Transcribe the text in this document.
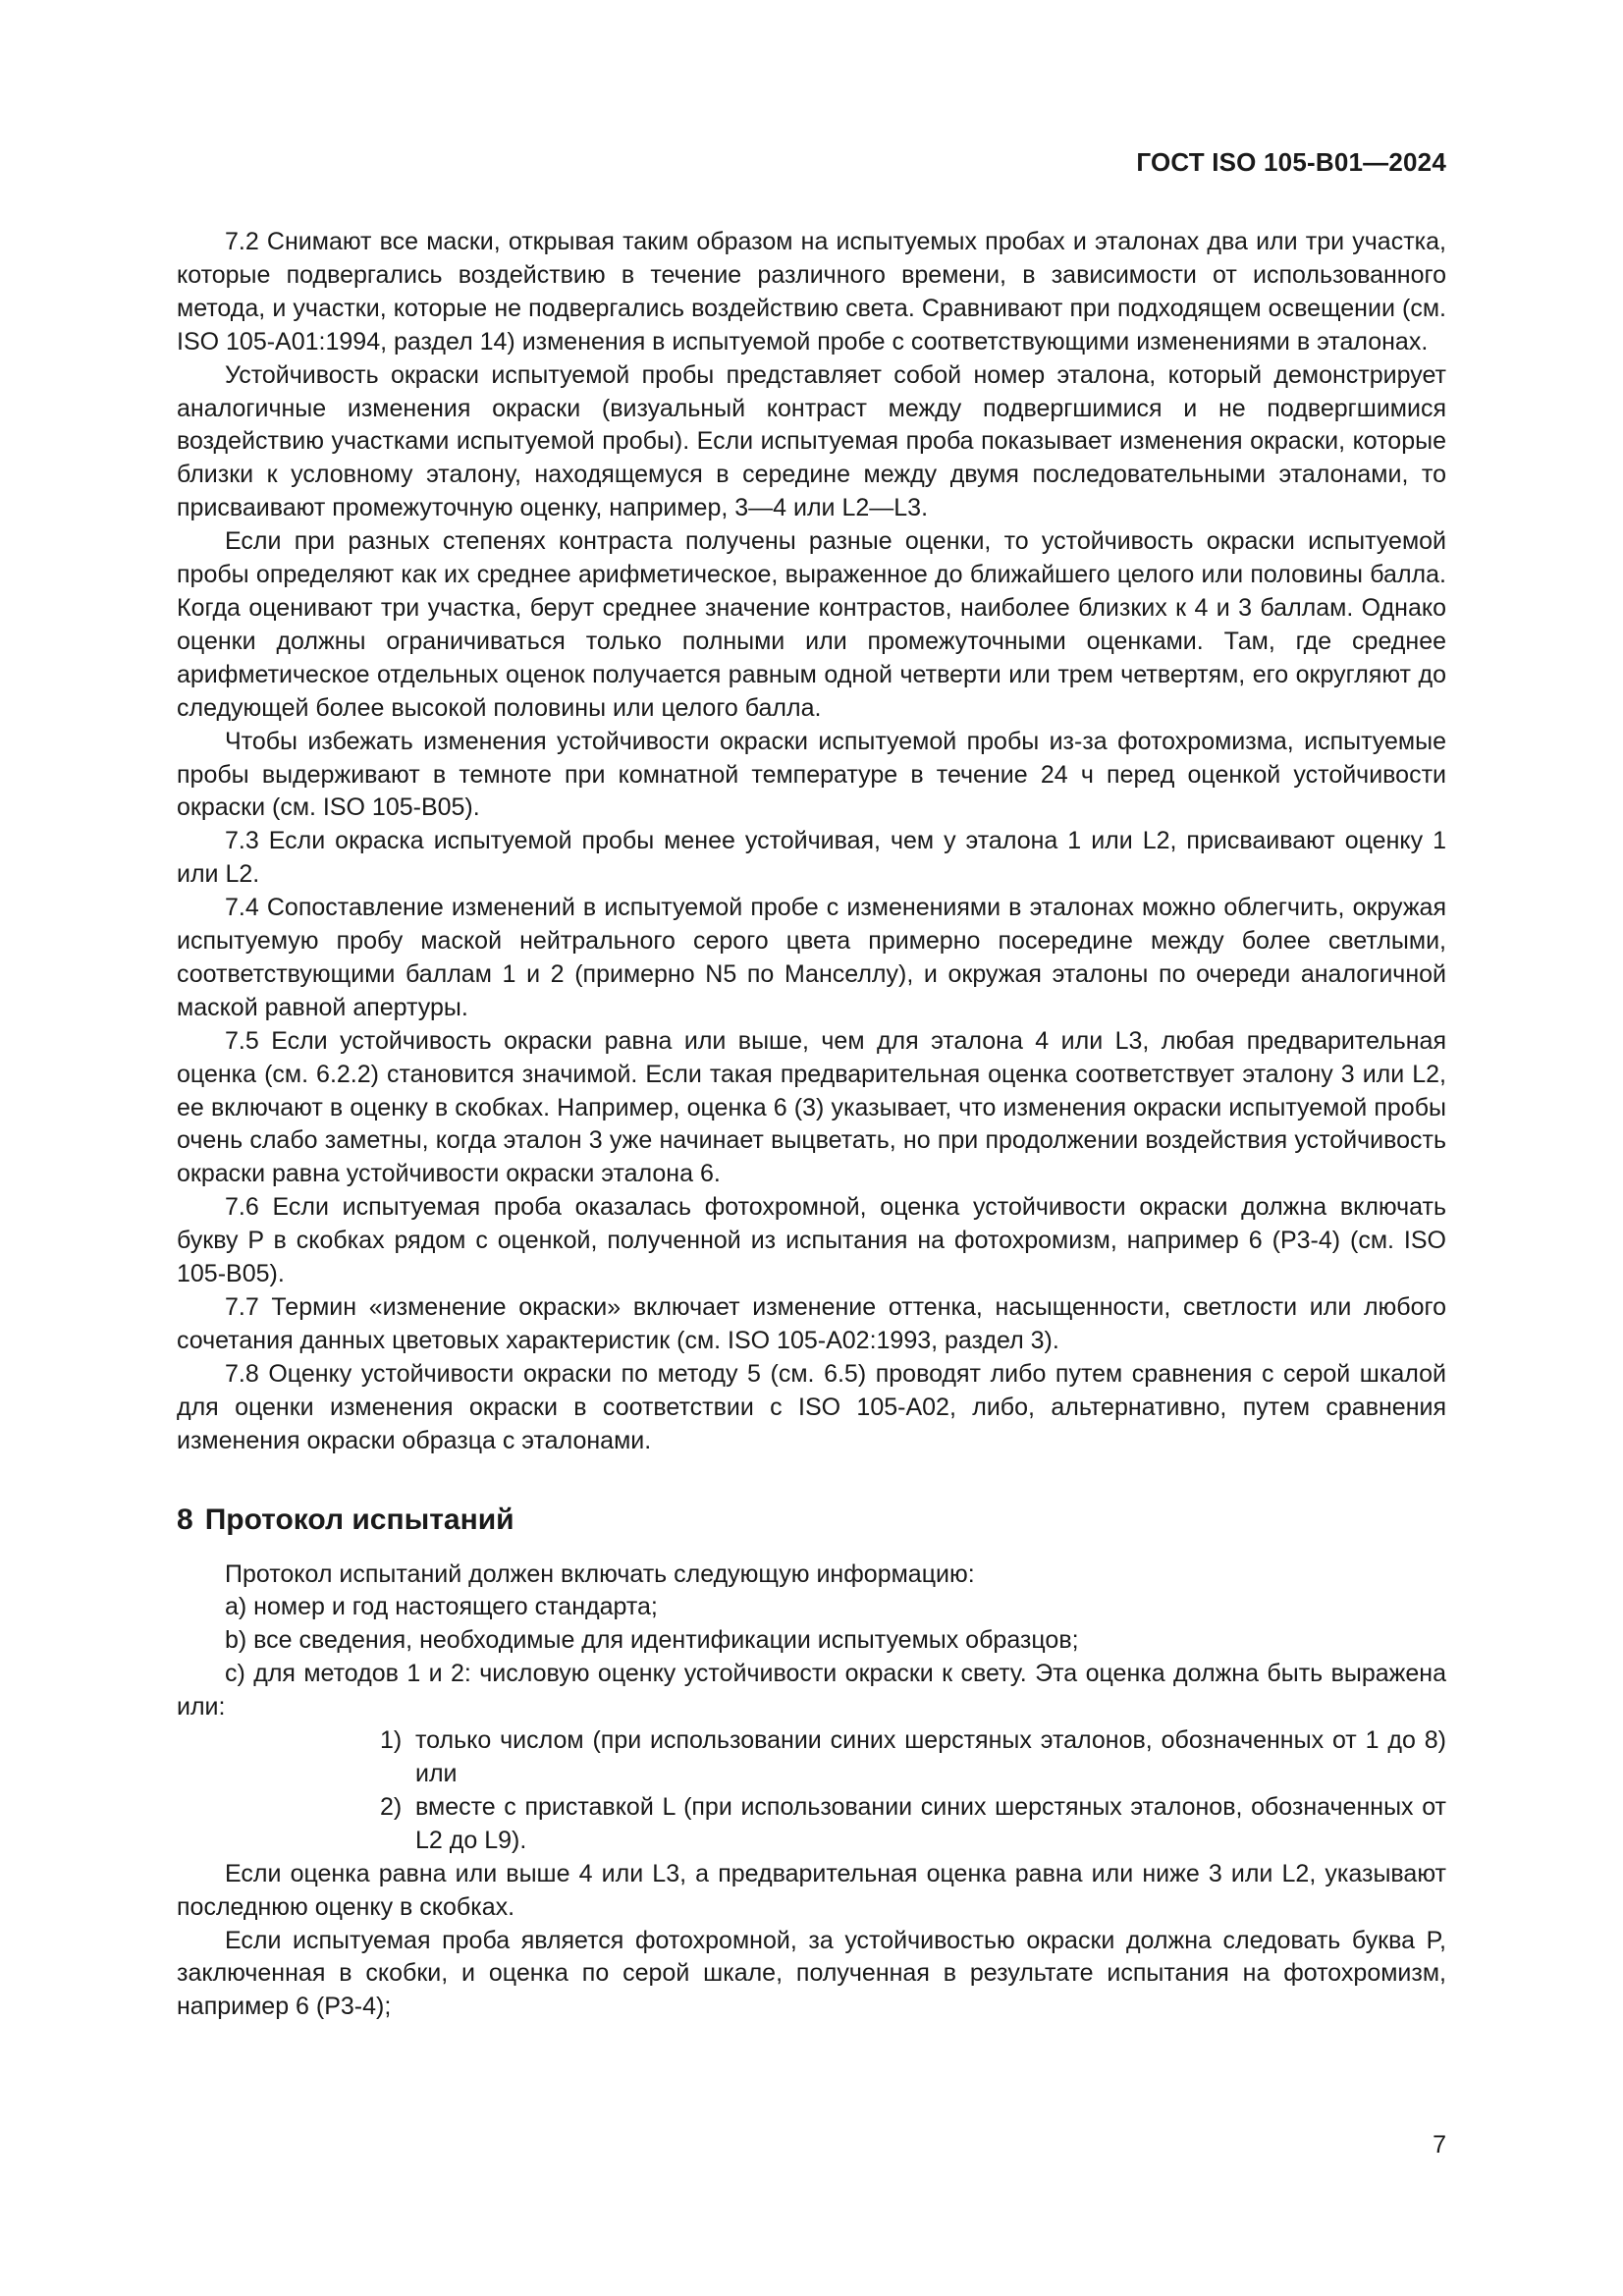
ГОСТ ISO 105-B01—2024

7.2 Снимают все маски, открывая таким образом на испытуемых пробах и эталонах два или три участка, которые подвергались воздействию в течение различного времени, в зависимости от использованного метода, и участки, которые не подвергались воздействию света. Сравнивают при подходящем освещении (см. ISO 105-A01:1994, раздел 14) изменения в испытуемой пробе с соответствующими изменениями в эталонах.

Устойчивость окраски испытуемой пробы представляет собой номер эталона, который демонстрирует аналогичные изменения окраски (визуальный контраст между подвергшимися и не подвергшимися воздействию участками испытуемой пробы). Если испытуемая проба показывает изменения окраски, которые близки к условному эталону, находящемуся в середине между двумя последовательными эталонами, то присваивают промежуточную оценку, например, 3—4 или L2—L3.

Если при разных степенях контраста получены разные оценки, то устойчивость окраски испытуемой пробы определяют как их среднее арифметическое, выраженное до ближайшего целого или половины балла. Когда оценивают три участка, берут среднее значение контрастов, наиболее близких к 4 и 3 баллам. Однако оценки должны ограничиваться только полными или промежуточными оценками. Там, где среднее арифметическое отдельных оценок получается равным одной четверти или трем четвертям, его округляют до следующей более высокой половины или целого балла.

Чтобы избежать изменения устойчивости окраски испытуемой пробы из-за фотохромизма, испытуемые пробы выдерживают в темноте при комнатной температуре в течение 24 ч перед оценкой устойчивости окраски (см. ISO 105-B05).

7.3 Если окраска испытуемой пробы менее устойчивая, чем у эталона 1 или L2, присваивают оценку 1 или L2.

7.4 Сопоставление изменений в испытуемой пробе с изменениями в эталонах можно облегчить, окружая испытуемую пробу маской нейтрального серого цвета примерно посередине между более светлыми, соответствующими баллам 1 и 2 (примерно N5 по Манселлу), и окружая эталоны по очереди аналогичной маской равной апертуры.

7.5 Если устойчивость окраски равна или выше, чем для эталона 4 или L3, любая предварительная оценка (см. 6.2.2) становится значимой. Если такая предварительная оценка соответствует эталону 3 или L2, ее включают в оценку в скобках. Например, оценка 6 (3) указывает, что изменения окраски испытуемой пробы очень слабо заметны, когда эталон 3 уже начинает выцветать, но при продолжении воздействия устойчивость окраски равна устойчивости окраски эталона 6.

7.6 Если испытуемая проба оказалась фотохромной, оценка устойчивости окраски должна включать букву P в скобках рядом с оценкой, полученной из испытания на фотохромизм, например 6 (P3-4) (см. ISO 105-B05).

7.7 Термин «изменение окраски» включает изменение оттенка, насыщенности, светлости или любого сочетания данных цветовых характеристик (см. ISO 105-A02:1993, раздел 3).

7.8 Оценку устойчивости окраски по методу 5 (см. 6.5) проводят либо путем сравнения с серой шкалой для оценки изменения окраски в соответствии с ISO 105-A02, либо, альтернативно, путем сравнения изменения окраски образца с эталонами.

8 Протокол испытаний

Протокол испытаний должен включать следующую информацию:

a) номер и год настоящего стандарта;

b) все сведения, необходимые для идентификации испытуемых образцов;

c) для методов 1 и 2: числовую оценку устойчивости окраски к свету. Эта оценка должна быть выражена или:

1) только числом (при использовании синих шерстяных эталонов, обозначенных от 1 до 8) или
2) вместе с приставкой L (при использовании синих шерстяных эталонов, обозначенных от L2 до L9).

Если оценка равна или выше 4 или L3, а предварительная оценка равна или ниже 3 или L2, указывают последнюю оценку в скобках.

Если испытуемая проба является фотохромной, за устойчивостью окраски должна следовать буква P, заключенная в скобки, и оценка по серой шкале, полученная в результате испытания на фотохромизм, например 6 (P3-4);

7
